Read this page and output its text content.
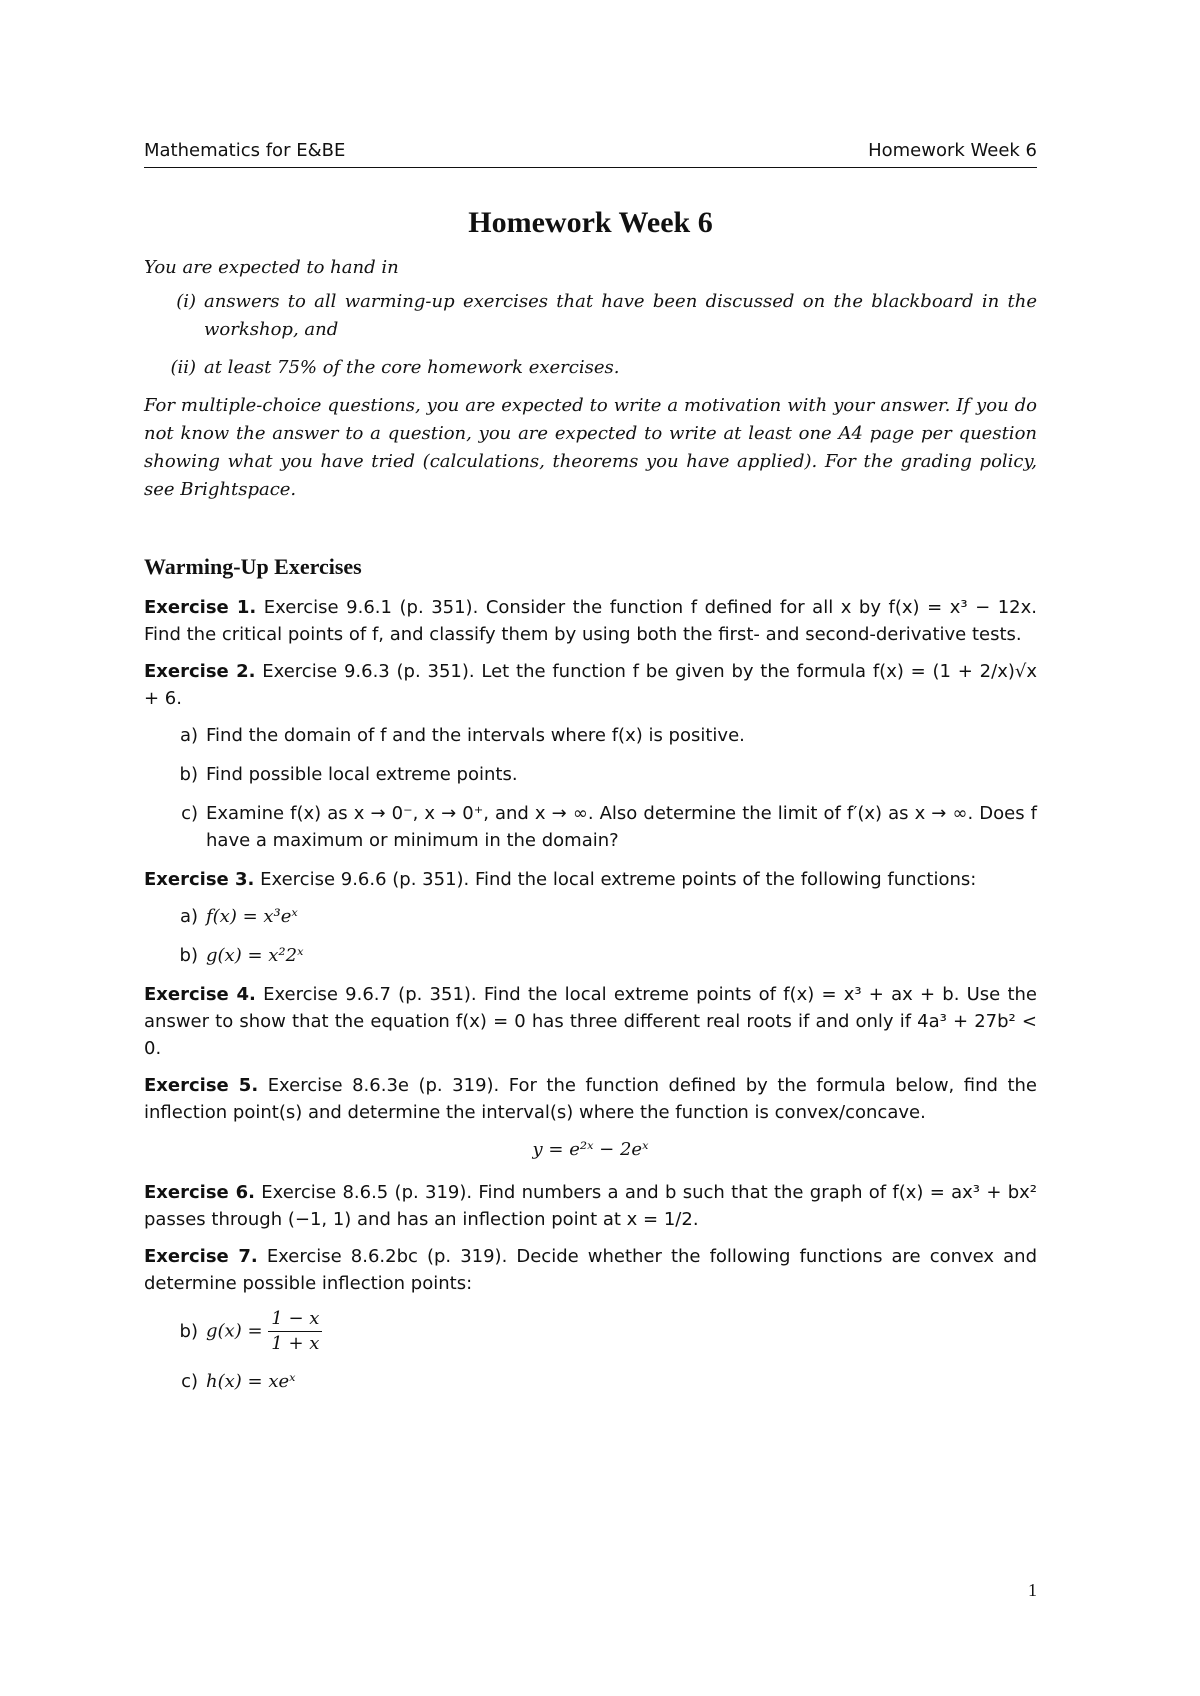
Mathematics for E&BE	Homework Week 6
Homework Week 6

You are expected to hand in

(i) answers to all warming-up exercises that have been discussed on the blackboard in the workshop, and
(ii) at least 75% of the core homework exercises.

For multiple-choice questions, you are expected to write a motivation with your answer. If you do not know the answer to a question, you are expected to write at least one A4 page per question showing what you have tried (calculations, theorems you have applied). For the grading policy, see Brightspace.

Warming-Up Exercises

Exercise 1. Exercise 9.6.1 (p. 351). Consider the function f defined for all x by f(x) = x³ − 12x. Find the critical points of f, and classify them by using both the first- and second-derivative tests.

Exercise 2. Exercise 9.6.3 (p. 351). Let the function f be given by the formula f(x) = (1 + 2/x)√x + 6.

a) Find the domain of f and the intervals where f(x) is positive.
b) Find possible local extreme points.
c) Examine f(x) as x → 0⁻, x → 0⁺, and x → ∞. Also determine the limit of f′(x) as x → ∞. Does f have a maximum or minimum in the domain?

Exercise 3. Exercise 9.6.6 (p. 351). Find the local extreme points of the following functions:

a) f(x) = x³eˣ
b) g(x) = x²2ˣ

Exercise 4. Exercise 9.6.7 (p. 351). Find the local extreme points of f(x) = x³ + ax + b. Use the answer to show that the equation f(x) = 0 has three different real roots if and only if 4a³ + 27b² < 0.

Exercise 5. Exercise 8.6.3e (p. 319). For the function defined by the formula below, find the inflection point(s) and determine the interval(s) where the function is convex/concave.

y = e²ˣ − 2eˣ

Exercise 6. Exercise 8.6.5 (p. 319). Find numbers a and b such that the graph of f(x) = ax³ + bx² passes through (−1, 1) and has an inflection point at x = 1/2.

Exercise 7. Exercise 8.6.2bc (p. 319). Decide whether the following functions are convex and determine possible inflection points:

b) $g(x) = \frac{1 - x}{1 + x}$
c) h(x) = xeˣ
1
